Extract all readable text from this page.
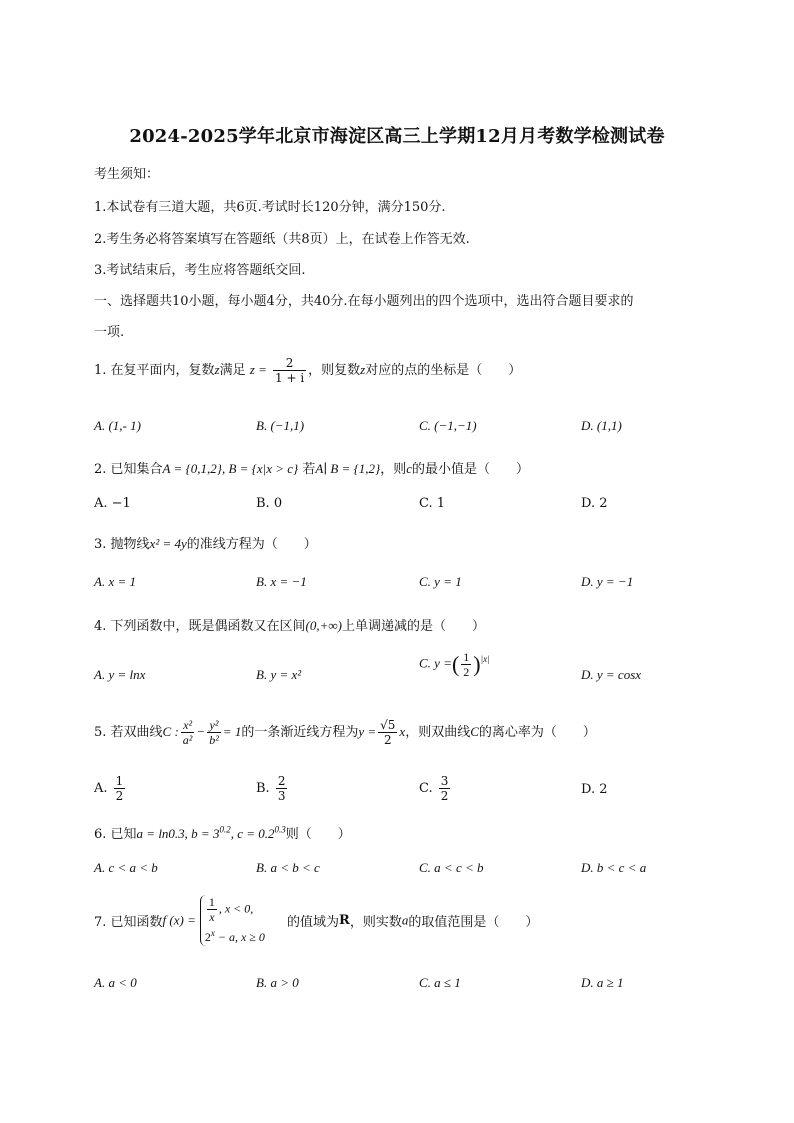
2024-2025学年北京市海淀区高三上学期12月月考数学检测试卷
考生须知：
1.本试卷有三道大题，共6页.考试时长120分钟，满分150分.
2.考生务必将答案填写在答题纸（共8页）上，在试卷上作答无效.
3.考试结束后，考生应将答题纸交回.
一、选择题共10小题，每小题4分，共40分.在每小题列出的四个选项中，选出符合题目要求的
一项.
1. 在复平面内，复数z满足 $z = \frac{2}{1 + i}$ ，则复数z对应的点的坐标是（　　）
A. (1,‑ 1)	B. (−1,1)	C. (−1,−1)	D. (1,1)
2. 已知集合A = {0,1,2}, B = {x|x > c} 若A∣ B = {1,2}，则c的最小值是（　　）
A. −1	B. 0	C. 1	D. 2
3. 抛物线x² = 4y的准线方程为（　　）
A. x = 1	B. x = −1	C. y = 1	D. y = −1
4. 下列函数中，既是偶函数又在区间(0,+∞)上单调递减的是（　　）
A. y = lnx	B. y = x²
C. y =( $\frac{1}{2} )^{|x|}$
D. y = cosx
5. 若双曲线C : $\frac{\text{x²}}{\text{a²}} - \frac{\text{y²}}{\text{b²}} = 1$的一条渐近线方程为$y = \frac{√5}{2}$ x，则双曲线C的离心率为（　　）
A. $\frac{1}{2}$	B. $\frac{2}{3}$	C. $\frac{3}{2}$	D. 2
6. 已知a = ln0.3, $b = 3^{0.2}$, $c = 0.2^{0.3}$则（　　）
A. c < a < b	B. a < b < c	C. a < c < b	D. b < c < a
7. 已知函数f $(x) = \frac{1}{x}$ , x < 0,
$2^x - a$, x ≥ 0
的值域为R，则实数a的取值范围是（　　）
A. a < 0	B. a > 0	C. a ≤ 1	D. a ≥ 1
